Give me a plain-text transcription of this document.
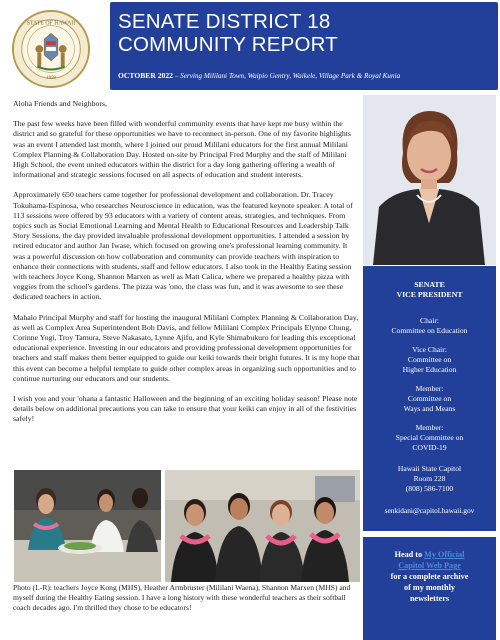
STATE OF HAWAII
1959
SENATE DISTRICT 18
COMMUNITY REPORT
OCTOBER 2022 – Serving Mililani Town, Waipio Gentry, Waikele, Village Park & Royal Kunia

Aloha Friends and Neighbors,

The past few weeks have been filled with wonderful community events that have kept me busy within the district and so grateful for these opportunities we have to reconnect in-person. One of my favorite highlights was an event I attended last month, where I joined our proud Mililani educators for the first annual Mililani Complex Planning & Collaboration Day. Hosted on-site by Principal Fred Murphy and the staff of Mililani High School, the event united educators within the district for a day long gathering offering a wealth of informational and strategic sessions focused on all aspects of education and student interests.

Approximately 650 teachers came together for professional development and collaboration. Dr. Tracey Tokuhama-Espinosa, who researches Neuroscience in education, was the featured keynote speaker. A total of 113 sessions were offered by 93 educators with a variety of content areas, strategies, and techniques. From topics such as Social Emotional Learning and Mental Health to Educational Resources and Leadership Talk Story Sessions, the day provided invaluable professional development opportunities. I attended a session by retired educator and author Jan Iwase, which focused on growing one's professional learning community. It was a powerful discussion on how collaboration and community can provide teachers with inspiration to enhance their connections with students, staff and fellow educators. I also took in the Healthy Eating session with teachers Joyce Kong, Shannon Marxen as well as Matt Calica, where we prepared a healthy pizza with veggies from the school's gardens. The pizza was 'ono, the class was fun, and it was awesome to see these dedicated teachers in action.

Mahalo Principal Murphy and staff for hosting the inaugural Mililani Complex Planning & Collaboration Day, as well as Complex Area Superintendent Bob Davis, and fellow Mililani Complex Principals Elynne Chung, Corinne Yogi, Troy Tamura, Steve Nakasato, Lynne Ajifu, and Kyle Shimabukuro for leading this exceptional educational experience. Investing in our educators and providing professional development opportunities for teachers and staff makes them better equipped to guide our keiki towards their bright futures. It is my hope that this event can become a helpful template to guide other complex areas in organizing such opportunities and to continue nurturing our educators and our students.

I wish you and your 'ohana a fantastic Halloween and the beginning of an exciting holiday season! Please note details below on additional precautions you can take to ensure that your keiki can enjoy in all of the festivities safely!

SENATE
VICE PRESIDENT
Chair:
Committee on Education
Vice Chair:
Committee on
Higher Education
Member:
Committee on
Ways and Means
Member:
Special Committee on
COVID-19
Hawaii State Capitol
Room 228
(808) 586-7100
senkidani@capitol.hawaii.gov
Head to My Official
Capitol Web Page
for a complete archive
of my monthly
newsletters
Photo (L-R): teachers Joyce Kong (MHS), Heather Armbruster (Mililani Waena), Shannon Marxen (MHS) and myself during the Healthy Eating session. I have a long history with these wonderful teachers as their softball coach decades ago. I'm thrilled they chose to be educators!
